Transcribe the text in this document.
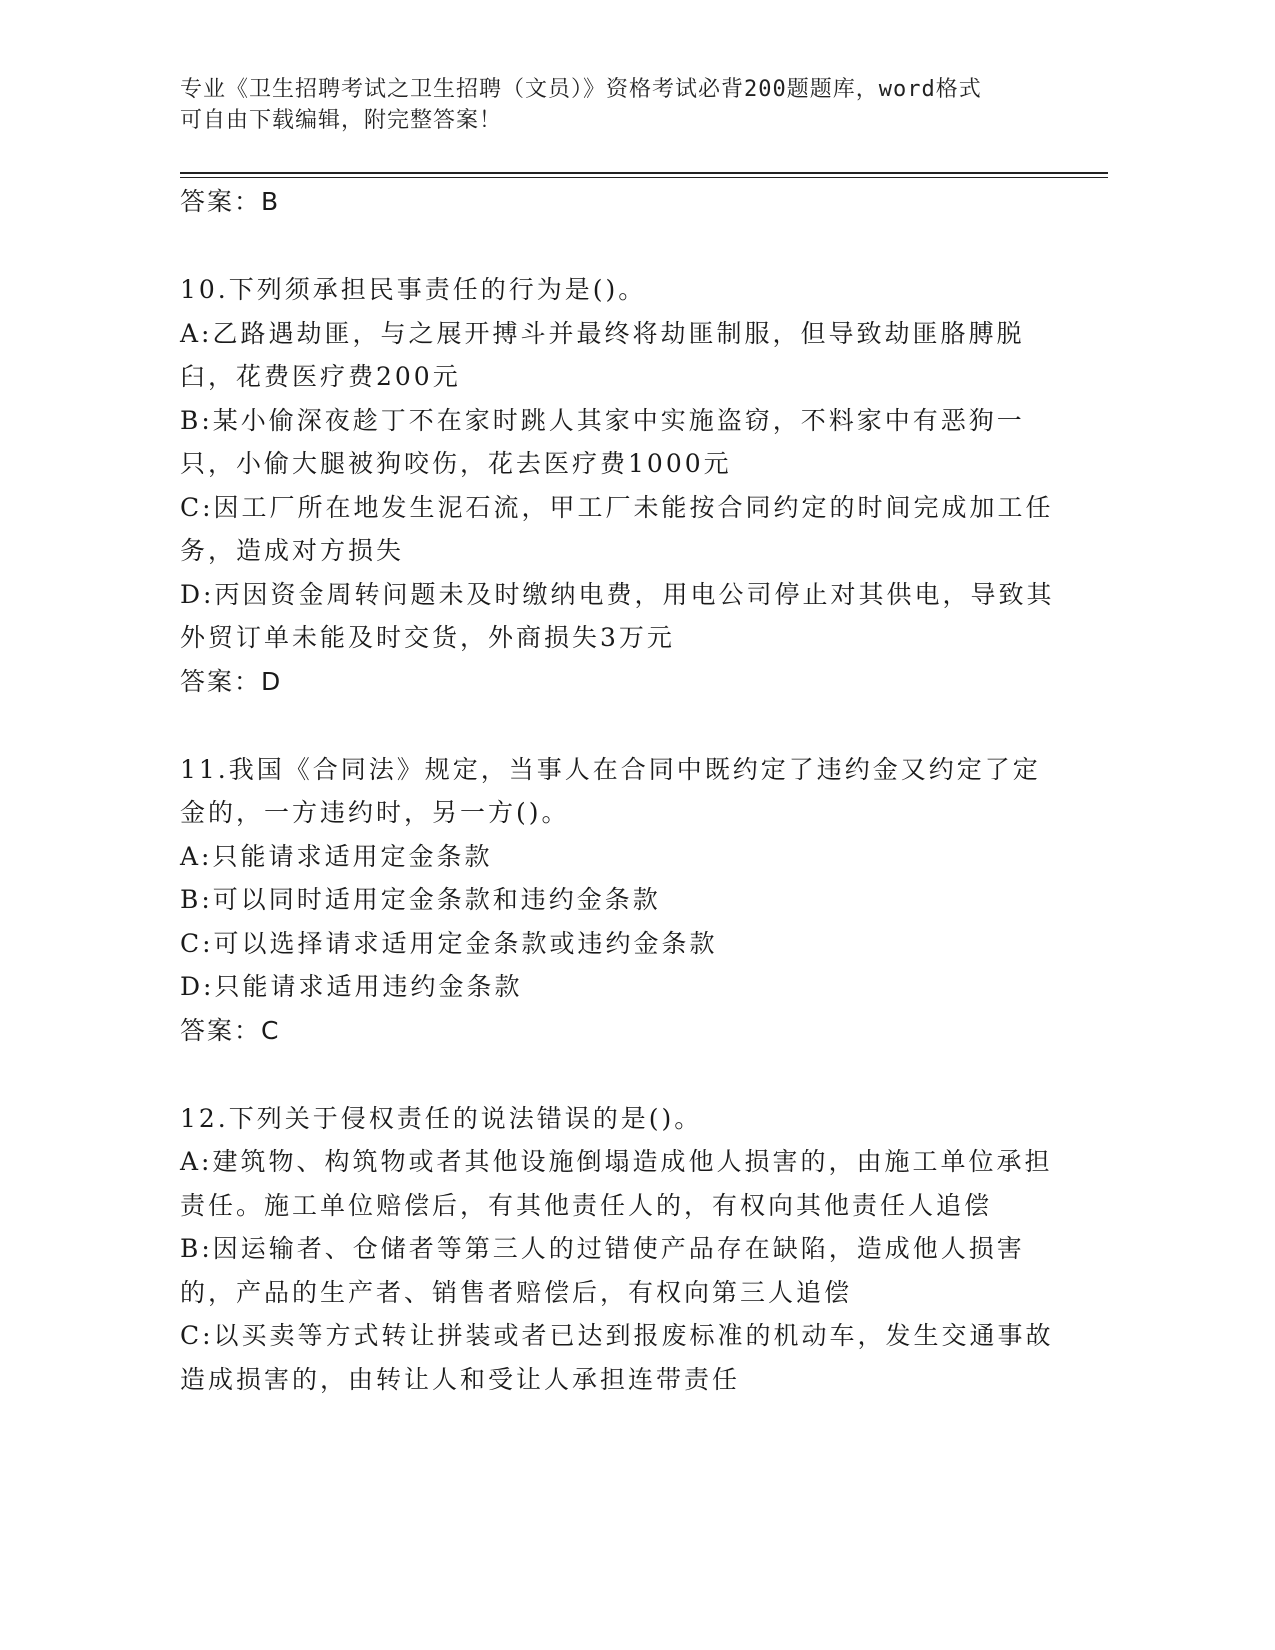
专业《卫生招聘考试之卫生招聘（文员）》资格考试必背200题题库，word格式
可自由下载编辑，附完整答案！
答案：B
10.下列须承担民事责任的行为是()。
A:乙路遇劫匪，与之展开搏斗并最终将劫匪制服，但导致劫匪胳膊脱臼，花费医疗费200元
B:某小偷深夜趁丁不在家时跳人其家中实施盗窃，不料家中有恶狗一只，小偷大腿被狗咬伤，花去医疗费1000元
C:因工厂所在地发生泥石流，甲工厂未能按合同约定的时间完成加工任务，造成对方损失
D:丙因资金周转问题未及时缴纳电费，用电公司停止对其供电，导致其外贸订单未能及时交货，外商损失3万元
答案：D
11.我国《合同法》规定，当事人在合同中既约定了违约金又约定了定金的，一方违约时，另一方()。
A:只能请求适用定金条款
B:可以同时适用定金条款和违约金条款
C:可以选择请求适用定金条款或违约金条款
D:只能请求适用违约金条款
答案：C
12.下列关于侵权责任的说法错误的是()。
A:建筑物、构筑物或者其他设施倒塌造成他人损害的，由施工单位承担责任。施工单位赔偿后，有其他责任人的，有权向其他责任人追偿
B:因运输者、仓储者等第三人的过错使产品存在缺陷，造成他人损害的，产品的生产者、销售者赔偿后，有权向第三人追偿
C:以买卖等方式转让拼装或者已达到报废标准的机动车，发生交通事故造成损害的，由转让人和受让人承担连带责任
